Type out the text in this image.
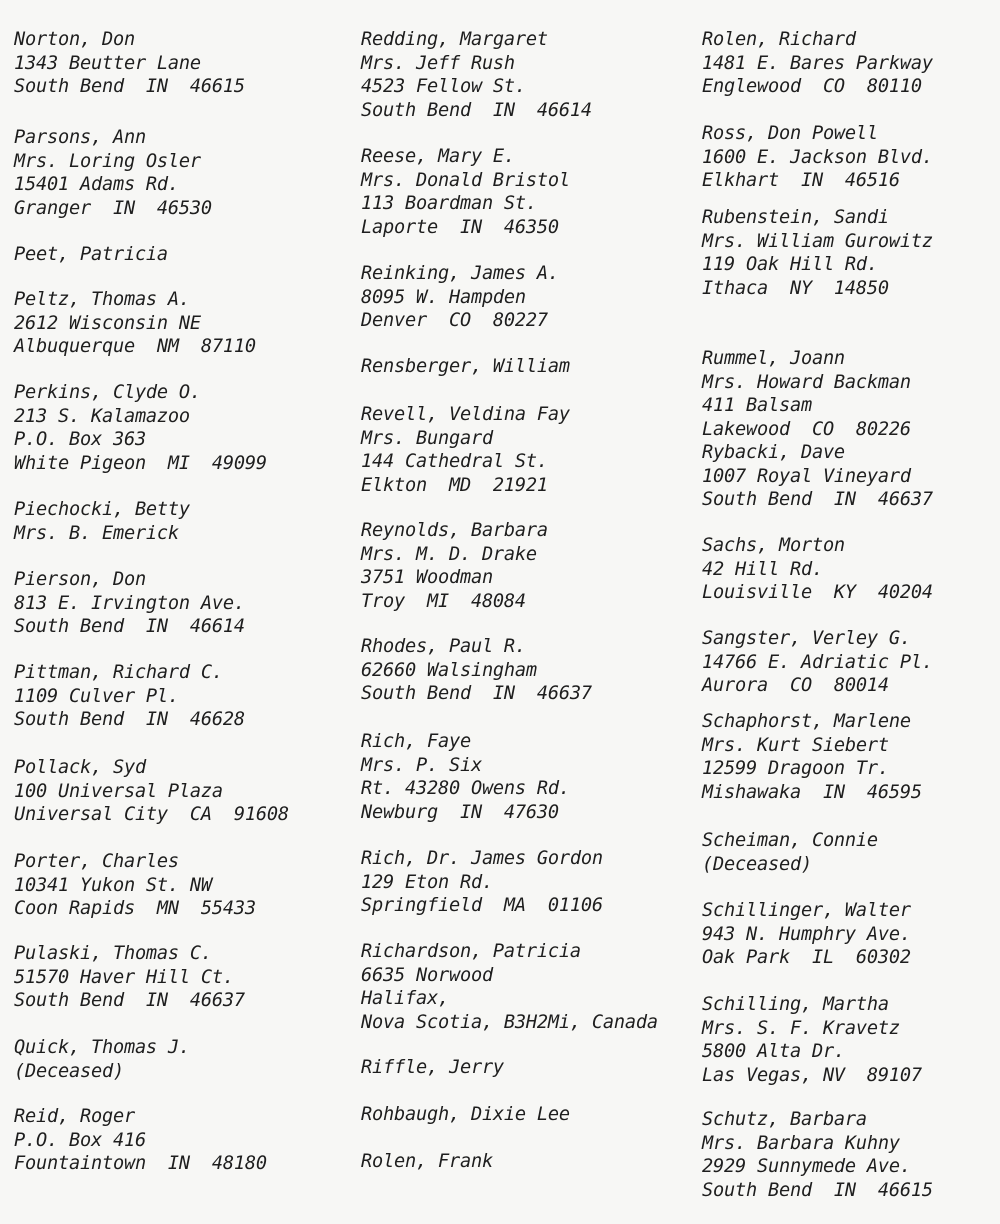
Norton, Don
1343 Beutter Lane
South Bend  IN  46615
Parsons, Ann
Mrs. Loring Osler
15401 Adams Rd.
Granger  IN  46530
Peet, Patricia
Peltz, Thomas A.
2612 Wisconsin NE
Albuquerque  NM  87110
Perkins, Clyde O.
213 S. Kalamazoo
P.O. Box 363
White Pigeon  MI  49099
Piechocki, Betty
Mrs. B. Emerick
Pierson, Don
813 E. Irvington Ave.
South Bend  IN  46614
Pittman, Richard C.
1109 Culver Pl.
South Bend  IN  46628
Pollack, Syd
100 Universal Plaza
Universal City  CA  91608
Porter, Charles
10341 Yukon St. NW
Coon Rapids  MN  55433
Pulaski, Thomas C.
51570 Haver Hill Ct.
South Bend  IN  46637
Quick, Thomas J.
(Deceased)
Reid, Roger
P.O. Box 416
Fountaintown  IN  48180
Redding, Margaret
Mrs. Jeff Rush
4523 Fellow St.
South Bend  IN  46614
Reese, Mary E.
Mrs. Donald Bristol
113 Boardman St.
Laporte  IN  46350
Reinking, James A.
8095 W. Hampden
Denver  CO  80227
Rensberger, William
Revell, Veldina Fay
Mrs. Bungard
144 Cathedral St.
Elkton  MD  21921
Reynolds, Barbara
Mrs. M. D. Drake
3751 Woodman
Troy  MI  48084
Rhodes, Paul R.
62660 Walsingham
South Bend  IN  46637
Rich, Faye
Mrs. P. Six
Rt. 43280 Owens Rd.
Newburg  IN  47630
Rich, Dr. James Gordon
129 Eton Rd.
Springfield  MA  01106
Richardson, Patricia
6635 Norwood
Halifax,
Nova Scotia, B3H2Mi, Canada
Riffle, Jerry
Rohbaugh, Dixie Lee
Rolen, Frank
Rolen, Richard
1481 E. Bares Parkway
Englewood  CO  80110
Ross, Don Powell
1600 E. Jackson Blvd.
Elkhart  IN  46516
Rubenstein, Sandi
Mrs. William Gurowitz
119 Oak Hill Rd.
Ithaca  NY  14850
Rummel, Joann
Mrs. Howard Backman
411 Balsam
Lakewood  CO  80226
Rybacki, Dave
1007 Royal Vineyard
South Bend  IN  46637
Sachs, Morton
42 Hill Rd.
Louisville  KY  40204
Sangster, Verley G.
14766 E. Adriatic Pl.
Aurora  CO  80014
Schaphorst, Marlene
Mrs. Kurt Siebert
12599 Dragoon Tr.
Mishawaka  IN  46595
Scheiman, Connie
(Deceased)
Schillinger, Walter
943 N. Humphry Ave.
Oak Park  IL  60302
Schilling, Martha
Mrs. S. F. Kravetz
5800 Alta Dr.
Las Vegas, NV  89107
Schutz, Barbara
Mrs. Barbara Kuhny
2929 Sunnymede Ave.
South Bend  IN  46615
